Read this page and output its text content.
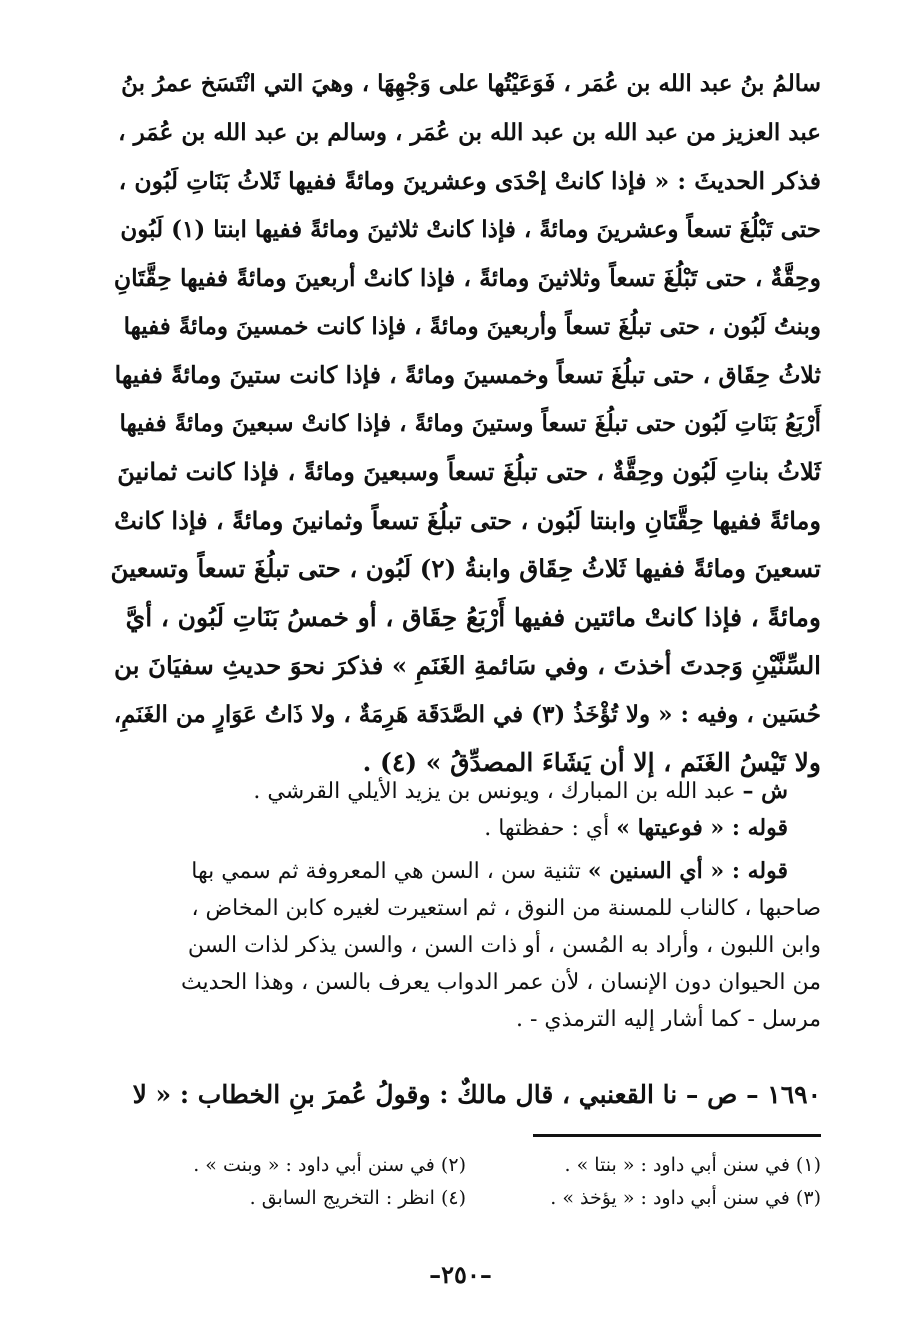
سالمُ بنُ عبد الله بن عُمَر ، فَوَعَيْتُها على وَجْهِهَا ، وهيَ التي انْتَسَخ عمرُ بنُ
عبد العزيز من عبد الله بن عبد الله بن عُمَر ، وسالم بن عبد الله بن عُمَر ،
فذكر الحديثَ : « فإذا كانتْ إحْدَى وعشرينَ ومائةً ففيها ثَلاثُ بَنَاتِ لَبُون ،
حتى تَبْلُغَ تسعاً وعشرينَ ومائةً ، فإذا كانتْ ثلاثينَ ومائةً ففيها ابنتا (١) لَبُون
وحِقَّةٌ ، حتى تَبْلُغَ تسعاً وثلاثينَ ومائةً ، فإذا كانتْ أربعينَ ومائةً ففيها حِقَّتَانِ
وبنتُ لَبُون ، حتى تبلُغَ تسعاً وأربعينَ ومائةً ، فإذا كانت خمسينَ ومائةً ففيها
ثلاثُ حِقَاق ، حتى تبلُغَ تسعاً وخمسينَ ومائةً ، فإذا كانت ستينَ ومائةً ففيها
أَرْبَعُ بَنَاتِ لَبُون حتى تبلُغَ تسعاً وستينَ ومائةً ، فإذا كانتْ سبعينَ ومائةً ففيها
ثَلاثُ بناتِ لَبُون وحِقَّةٌ ، حتى تبلُغَ تسعاً وسبعينَ ومائةً ، فإذا كانت ثمانينَ
ومائةً ففيها حِقَّتَانِ وابنتا لَبُون ، حتى تبلُغَ تسعاً وثمانينَ ومائةً ، فإذا كانتْ
تسعينَ ومائةً ففيها ثَلاثُ حِقَاق وابنةُ (٢) لَبُون ، حتى تبلُغَ تسعاً وتسعينَ
ومائةً ، فإذا كانتْ مائتين ففيها أَرْبَعُ حِقَاق ، أو خمسُ بَنَاتِ لَبُون ، أيَّ
السِّنَّيْنِ وَجدتَ أخذتَ ، وفي سَائمةِ الغَنَمِ » فذكرَ نحوَ حديثِ سفيَانَ بن
حُسَين ، وفيه : « ولا تُؤْخَذُ (٣) في الصَّدَقَة هَرِمَةٌ ، ولا ذَاتُ عَوَارٍ من الغَنَمِ،
ولا تَيْسُ الغَنَم ، إلا أن يَشَاءَ المصدِّقُ » (٤) .
ش – عبد الله بن المبارك ، ويونس بن يزيد الأيلي القرشي .
قوله : « فوعيتها » أي : حفظتها .
قوله : « أي السنين » تثنية سن ، السن هي المعروفة ثم سمي بها
صاحبها ، كالناب للمسنة من النوق ، ثم استعيرت لغيره كابن المخاض ،
وابن اللبون ، وأراد به المُسن ، أو ذات السن ، والسن يذكر لذات السن
من الحيوان دون الإنسان ، لأن عمر الدواب يعرف بالسن ، وهذا الحديث
مرسل - كما أشار إليه الترمذي - .
١٦٩٠ – ص – نا القعنبي ، قال مالكٌ : وقولُ عُمرَ بنِ الخطاب : « لا
(١) في سنن أبي داود : « بنتا » .
(٢) في سنن أبي داود : « وبنت » .
(٣) في سنن أبي داود : « يؤخذ » .
(٤) انظر : التخريج السابق .
–٢٥٠–
